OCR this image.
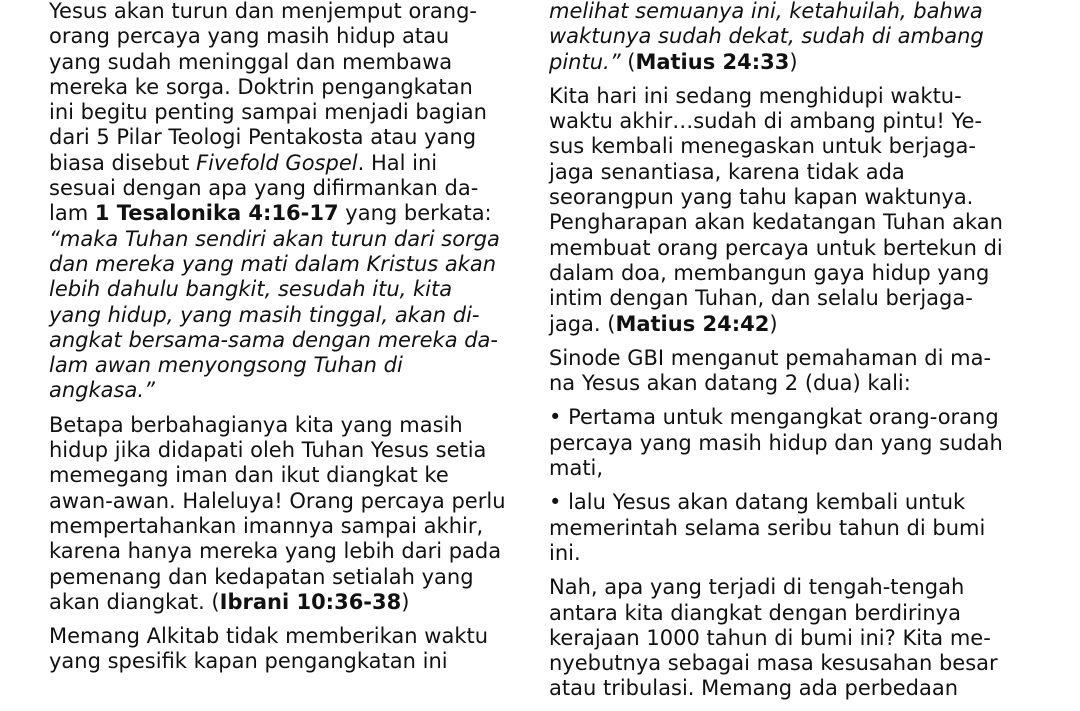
Yesus akan turun dan menjemput orang-
orang percaya yang masih hidup atau
yang sudah meninggal dan membawa
mereka ke sorga. Doktrin pengangkatan
ini begitu penting sampai menjadi bagian
dari 5 Pilar Teologi Pentakosta atau yang
biasa disebut Fivefold Gospel. Hal ini
sesuai dengan apa yang difirmankan da-
lam 1 Tesalonika 4:16-17 yang berkata:
“maka Tuhan sendiri akan turun dari sorga
dan mereka yang mati dalam Kristus akan
lebih dahulu bangkit, sesudah itu, kita
yang hidup, yang masih tinggal, akan di-
angkat bersama-sama dengan mereka da-
lam awan menyongsong Tuhan di
angkasa.”

Betapa berbahagianya kita yang masih
hidup jika didapati oleh Tuhan Yesus setia
memegang iman dan ikut diangkat ke
awan-awan. Haleluya! Orang percaya perlu
mempertahankan imannya sampai akhir,
karena hanya mereka yang lebih dari pada
pemenang dan kedapatan setialah yang
akan diangkat. (Ibrani 10:36-38)

Memang Alkitab tidak memberikan waktu
yang spesifik kapan pengangkatan ini

melihat semuanya ini, ketahuilah, bahwa
waktunya sudah dekat, sudah di ambang
pintu.” (Matius 24:33)

Kita hari ini sedang menghidupi waktu-
waktu akhir…sudah di ambang pintu! Ye-
sus kembali menegaskan untuk berjaga-
jaga senantiasa, karena tidak ada
seorangpun yang tahu kapan waktunya.
Pengharapan akan kedatangan Tuhan akan
membuat orang percaya untuk bertekun di
dalam doa, membangun gaya hidup yang
intim dengan Tuhan, dan selalu berjaga-
jaga. (Matius 24:42)

Sinode GBI menganut pemahaman di ma-
na Yesus akan datang 2 (dua) kali:

• Pertama untuk mengangkat orang-orang
percaya yang masih hidup dan yang sudah
mati,

• lalu Yesus akan datang kembali untuk
memerintah selama seribu tahun di bumi
ini.

Nah, apa yang terjadi di tengah-tengah
antara kita diangkat dengan berdirinya
kerajaan 1000 tahun di bumi ini? Kita me-
nyebutnya sebagai masa kesusahan besar
atau tribulasi. Memang ada perbedaan
